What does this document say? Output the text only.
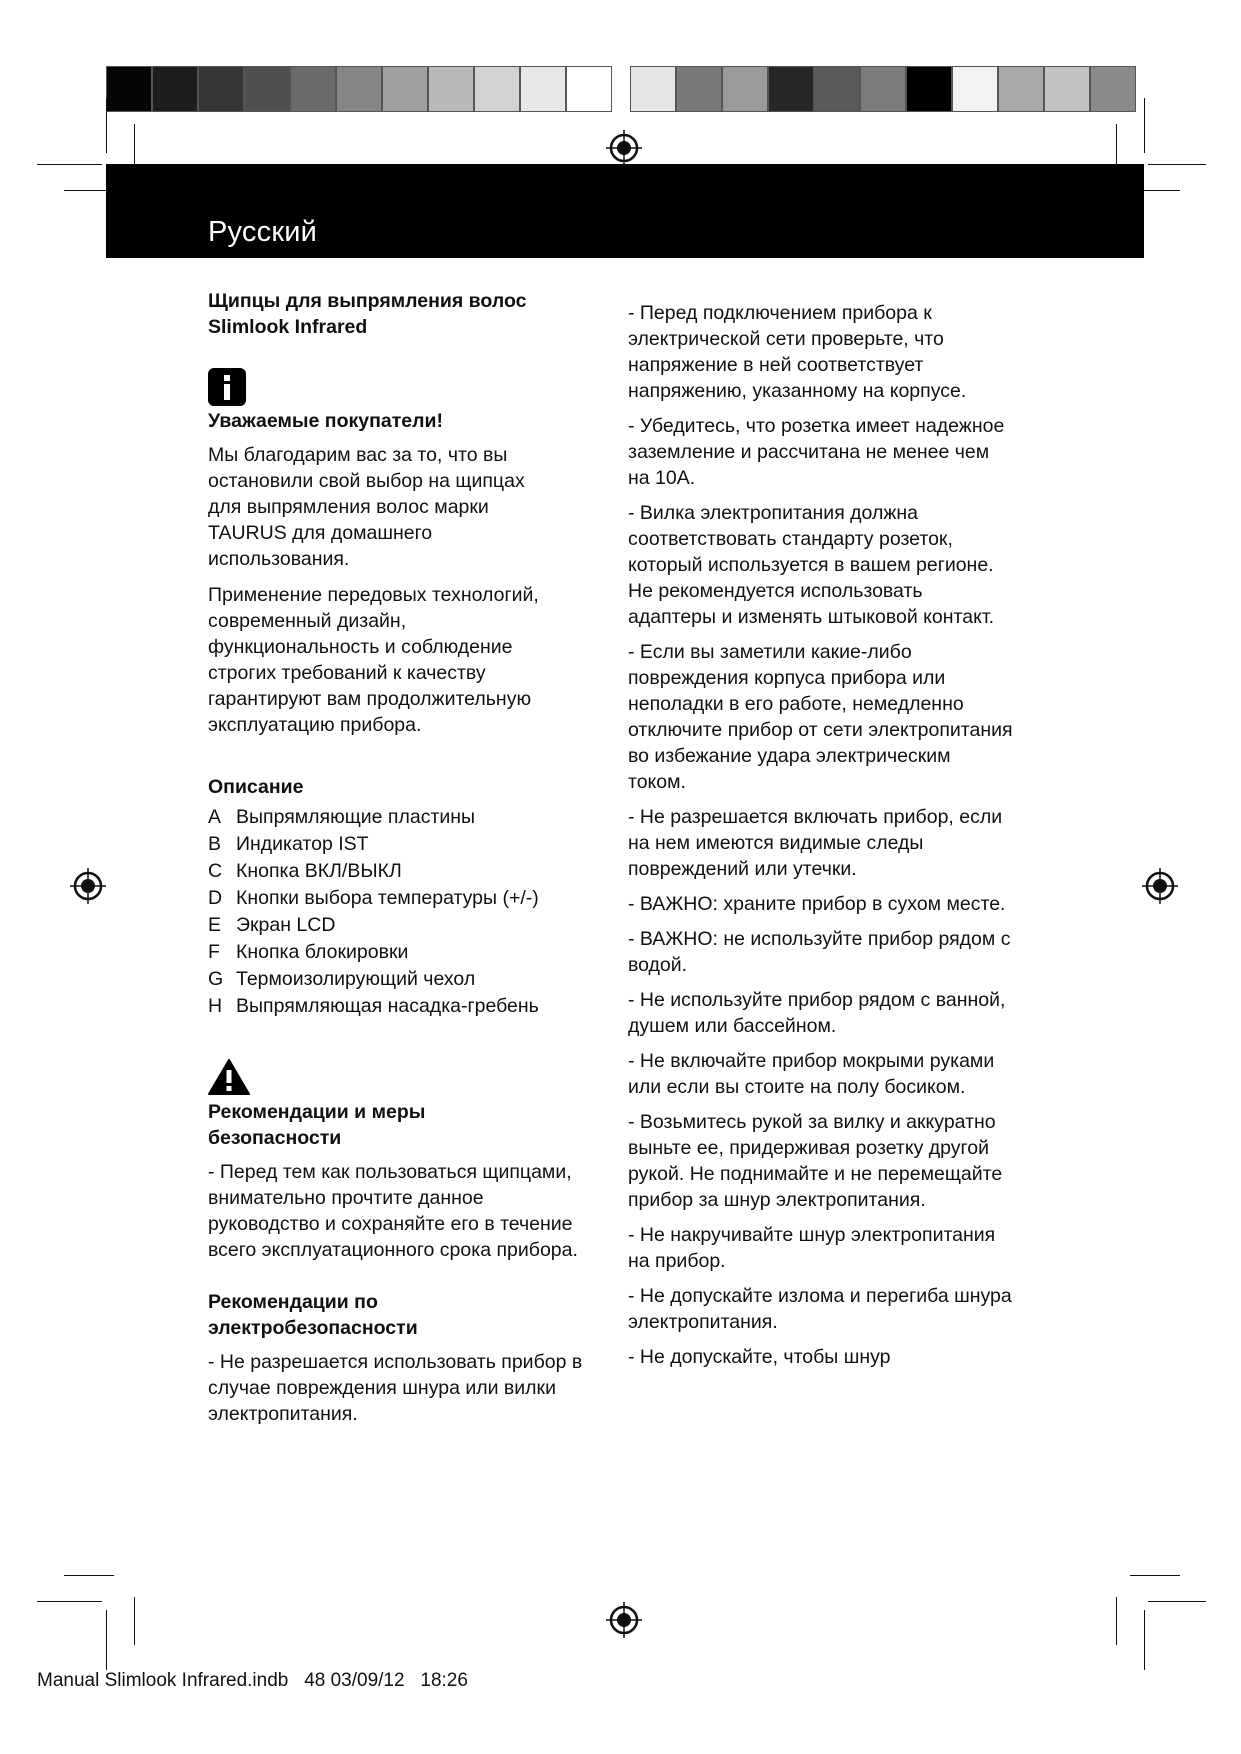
Русский

Щипцы для выпрямления волос Slimlook Infrared

Уважаемые покупатели!

Мы благодарим вас за то, что вы остановили свой выбор на щипцах для выпрямления волос марки TAURUS для домашнего использования.

Применение передовых технологий, современный дизайн, функциональность и соблюдение строгих требований к качеству гарантируют вам продолжительную эксплуатацию прибора.

Описание

A Выпрямляющие пластины
B Индикатор IST
C Кнопка ВКЛ/ВЫКЛ
D Кнопки выбора температуры (+/-)
E Экран LCD
F Кнопка блокировки
G Термоизолирующий чехол
H Выпрямляющая насадка-гребень

Рекомендации и меры безопасности

- Перед тем как пользоваться щипцами, внимательно прочтите данное руководство и сохраняйте его в течение всего эксплуатационного срока прибора.

Рекомендации по электробезопасности

- Не разрешается использовать прибор в случае повреждения шнура или вилки электропитания.

- Перед подключением прибора к электрической сети проверьте, что напряжение в ней соответствует напряжению, указанному на корпусе.

- Убедитесь, что розетка имеет надежное заземление и рассчитана не менее чем на 10А.

- Вилка электропитания должна соответствовать стандарту розеток, который используется в вашем регионе. Не рекомендуется использовать адаптеры и изменять штыковой контакт.

- Если вы заметили какие-либо повреждения корпуса прибора или неполадки в его работе, немедленно отключите прибор от сети электропитания во избежание удара электрическим током.

- Не разрешается включать прибор, если на нем имеются видимые следы повреждений или утечки.

- ВАЖНО: храните прибор в сухом месте.

- ВАЖНО: не используйте прибор рядом с водой.

- Не используйте прибор рядом с ванной, душем или бассейном.

- Не включайте прибор мокрыми руками или если вы стоите на полу босиком.

- Возьмитесь рукой за вилку и аккуратно выньте ее, придерживая розетку другой рукой. Не поднимайте и не перемещайте прибор за шнур электропитания.

- Не накручивайте шнур электропитания на прибор.

- Не допускайте излома и перегиба шнура электропитания.

- Не допускайте, чтобы шнур

Manual Slimlook Infrared.indb   48 03/09/12   18:26
